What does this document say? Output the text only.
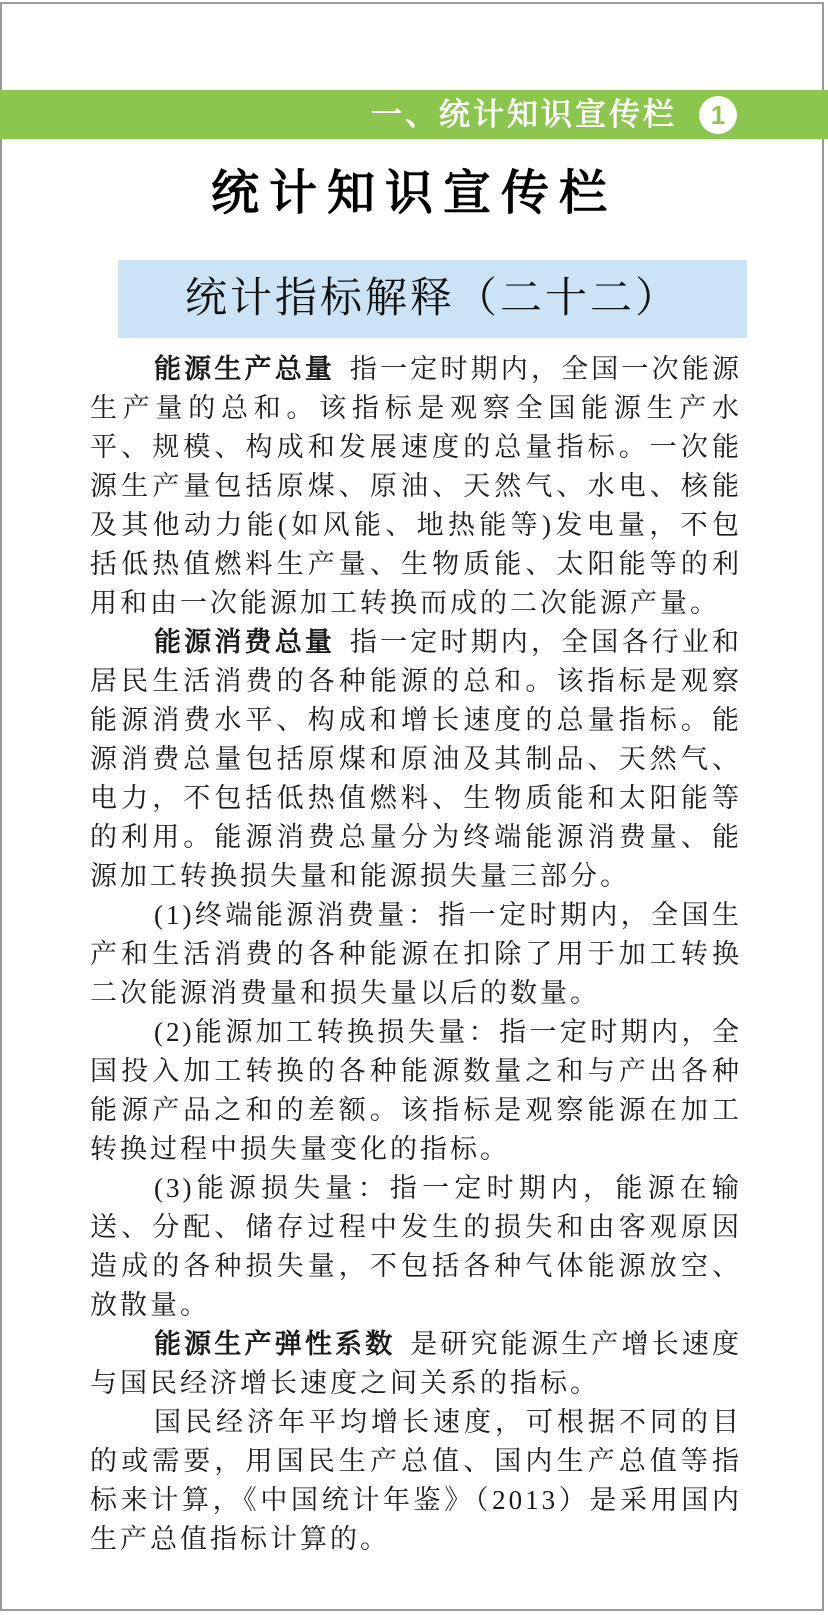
一、统计知识宣传栏	1
统计知识宣传栏
统计指标解释（二十二）

能源生产总量 指一定时期内，全国一次能源生产量的总和。该指标是观察全国能源生产水平、规模、构成和发展速度的总量指标。一次能源生产量包括原煤、原油、天然气、水电、核能及其他动力能(如风能、地热能等)发电量，不包括低热值燃料生产量、生物质能、太阳能等的利用和由一次能源加工转换而成的二次能源产量。

能源消费总量 指一定时期内，全国各行业和居民生活消费的各种能源的总和。该指标是观察能源消费水平、构成和增长速度的总量指标。能源消费总量包括原煤和原油及其制品、天然气、电力，不包括低热值燃料、生物质能和太阳能等的利用。能源消费总量分为终端能源消费量、能源加工转换损失量和能源损失量三部分。

(1)终端能源消费量：指一定时期内，全国生产和生活消费的各种能源在扣除了用于加工转换二次能源消费量和损失量以后的数量。

(2)能源加工转换损失量：指一定时期内，全国投入加工转换的各种能源数量之和与产出各种能源产品之和的差额。该指标是观察能源在加工转换过程中损失量变化的指标。

(3)能源损失量：指一定时期内，能源在输送、分配、储存过程中发生的损失和由客观原因造成的各种损失量，不包括各种气体能源放空、放散量。

能源生产弹性系数 是研究能源生产增长速度与国民经济增长速度之间关系的指标。

国民经济年平均增长速度，可根据不同的目的或需要，用国民生产总值、国内生产总值等指标来计算，《中国统计年鉴》（2013）是采用国内生产总值指标计算的。
